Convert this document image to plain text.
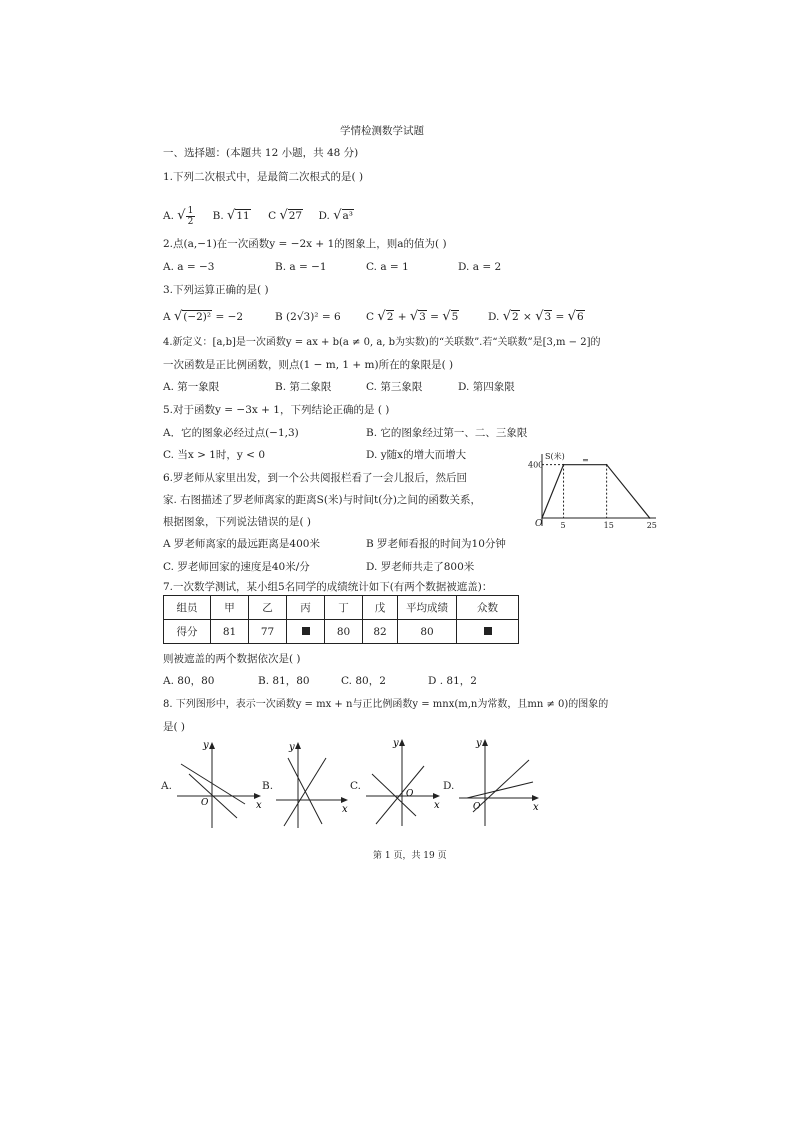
学情检测数学试题
一、选择题：(本题共 12 小题，共 48 分)
1.下列二次根式中，是最简二次根式的是( )
A. √ $\frac{1}{2} B$. √11 C √27 D. √a³
2.点(a,−1)在一次函数y = −2x + 1的图象上，则a的值为( )
A. a = −3	B. a = −1	C. a = 1	D. a = 2
3.下列运算正确的是( )
A √(−2)² = −2	B (2√3)² = 6 C √2 + √3 = √5	D. √2 × √3 = √6
4.新定义：[a,b]是一次函数y = ax + b(a ≠ 0, a, b为实数)的“关联数”.若“关联数”是[3,m − 2]的
一次函数是正比例函数，则点(1 − m, 1 + m)所在的象限是( )
A. 第一象限	B. 第二象限	C. 第三象限	D. 第四象限
5.对于函数y = −3x + 1，下列结论正确的是 ( )
A．它的图象必经过点(−1,3)	B. 它的图象经过第一、二、三象限
C. 当x > 1时，y < 0	D. y随x的增大而增大
6.罗老师从家里出发，到一个公共阅报栏看了一会儿报后，然后回
家. 右图描述了罗老师离家的距离S(米)与时间t(分)之间的函数关系，
根据图象，下列说法错误的是( )
A 罗老师离家的最远距离是400米	B 罗老师看报的时间为10分钟
C. 罗老师回家的速度是40米/分	D. 罗老师共走了800米
S(米)
O 5	15	25
400
=
7.一次数学测试，某小组5名同学的成绩统计如下(有两个数据被遮盖)：
组员	甲	乙	丙	丁	戊	平均成绩	众数
得分	81	77		80	82	80	
则被遮盖的两个数据依次是( )
A. 80，80	B. 81，80	C. 80，2	D . 81，2
8. 下列图形中，表示一次函数y = mx + n与正比例函数y = mnx(m,n为常数，且mn ≠ 0)的图象的
是( )
A.	B.	C.	D.
y
x
O
y
x
y
x
O
y
x
O
第 1 页，共 19 页
